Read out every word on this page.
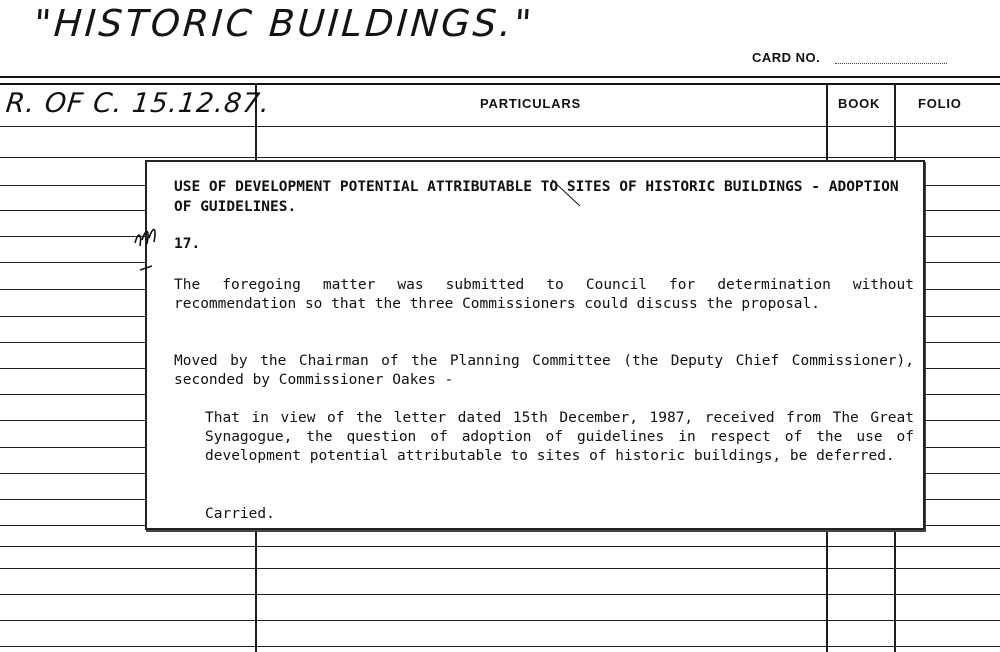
"HISTORIC BUILDINGS."
CARD NO.
R. OF C. 15.12.87.	PARTICULARS	BOOK	FOLIO
USE OF DEVELOPMENT POTENTIAL ATTRIBUTABLE TO SITES OF HISTORIC BUILDINGS - ADOPTION OF GUIDELINES.
17.
The foregoing matter was submitted to Council for determination without recommendation so that the three Commissioners could discuss the proposal.
Moved by the Chairman of the Planning Committee (the Deputy Chief Commissioner), seconded by Commissioner Oakes -
That in view of the letter dated 15th December, 1987, received from The Great Synagogue, the question of adoption of guidelines in respect of the use of development potential attributable to sites of historic buildings, be deferred.
Carried.
